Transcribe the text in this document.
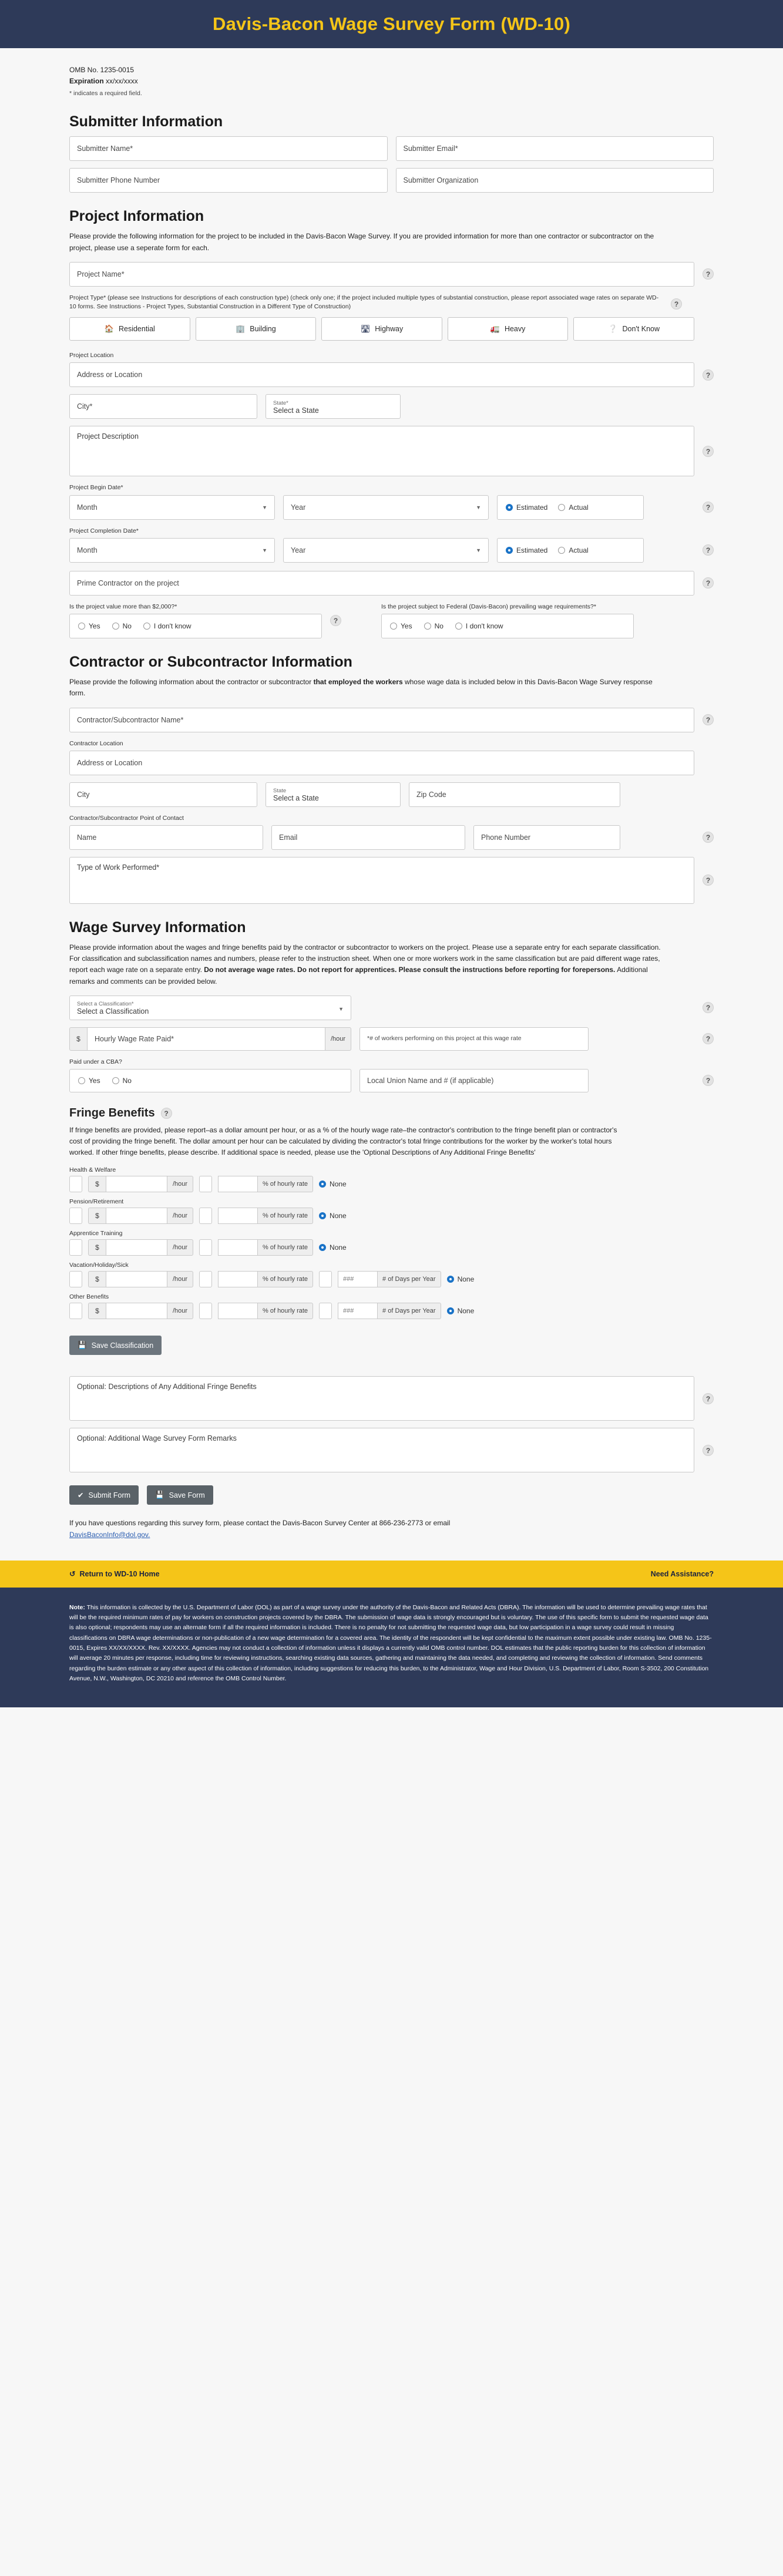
Davis-Bacon Wage Survey Form (WD-10)
OMB No. 1235-0015
Expiration xx/xx/xxxx
* indicates a required field.
Submitter Information
Submitter Name*	Submitter Email*
Submitter Phone Number	Submitter Organization
Project Information

Please provide the following information for the project to be included in the Davis-Bacon Wage Survey. If you are provided information for more than one contractor or subcontractor on the project, please use a seperate form for each.

Project Name*	?
Project Type* (please see Instructions for descriptions of each construction type) (check only one; if the project included multiple types of substantial construction, please report associated wage rates on separate WD-10 forms. See Instructions - Project Types, Substantial Construction in a Different Type of Construction)	?
🏠 Residential	🏢 Building	🛣 Highway	🚛 Heavy	❔ Don't Know
Project Location
Address or Location	?
City*	State*
Select a State
Project Description
?
Project Begin Date*
Month	▼	Year	▼	Estimated	Actual	?
Project Completion Date*
Month	▼	Year	▼	Estimated	Actual	?
Prime Contractor on the project	?
Is the project value more than $2,000?*
Yes	No	I don't know
?
Is the project subject to Federal (Davis-Bacon) prevailing wage requirements?*
Yes	No	I don't know
Contractor or Subcontractor Information

Please provide the following information about the contractor or subcontractor that employed the workers whose wage data is included below in this Davis-Bacon Wage Survey response form.

Contractor/Subcontractor Name*	?
Contractor Location
Address or Location
City	State
Select a State	Zip Code
Contractor/Subcontractor Point of Contact
Name	Email	Phone Number	?
Type of Work Performed*
?
Wage Survey Information

Please provide information about the wages and fringe benefits paid by the contractor or subcontractor to workers on the project. Please use a separate entry for each separate classification. For classification and subclassification names and numbers, please refer to the instruction sheet. When one or more workers work in the same classification but are paid different wage rates, report each wage rate on a separate entry. Do not average wage rates. Do not report for apprentices. Please consult the instructions before reporting for forepersons. Additional remarks and comments can be provided below.

Select a Classification*
Select a Classification	▼	?
$	Hourly Wage Rate Paid*	/hour	*# of workers performing on this project at this wage rate	?
Paid under a CBA?
Yes	No	Local Union Name and # (if applicable)	?
Fringe Benefits	?

If fringe benefits are provided, please report–as a dollar amount per hour, or as a % of the hourly wage rate–the contractor's contribution to the fringe benefit plan or contractor's cost of providing the fringe benefit. The dollar amount per hour can be calculated by dividing the contractor's total fringe contributions for the worker by the worker's total hours worked. If other fringe benefits, please describe. If additional space is needed, please use the 'Optional Descriptions of Any Additional Fringe Benefits'

Health & Welfare
$	/hour	% of hourly rate	None
Pension/Retirement
$	/hour	% of hourly rate	None
Apprentice Training
$	/hour	% of hourly rate	None
Vacation/Holiday/Sick
$	/hour	% of hourly rate	###	# of Days per Year	None
Other Benefits
$	/hour	% of hourly rate	###	# of Days per Year	None
💾 Save Classification
Optional: Descriptions of Any Additional Fringe Benefits
?
Optional: Additional Wage Survey Form Remarks
?
✔ Submit Form	💾 Save Form
If you have questions regarding this survey form, please contact the Davis-Bacon Survey Center at 866-236-2773 or email
DavisBaconInfo@dol.gov.
↺ Return to WD-10 Home	Need Assistance?
Note: This information is collected by the U.S. Department of Labor (DOL) as part of a wage survey under the authority of the Davis-Bacon and Related Acts (DBRA). The information will be used to determine prevailing wage rates that will be the required minimum rates of pay for workers on construction projects covered by the DBRA. The submission of wage data is strongly encouraged but is voluntary. The use of this specific form to submit the requested wage data is also optional; respondents may use an alternate form if all the required information is included. There is no penalty for not submitting the requested wage data, but low participation in a wage survey could result in missing classifications on DBRA wage determinations or non-publication of a new wage determination for a covered area. The identity of the respondent will be kept confidential to the maximum extent possible under existing law. OMB No. 1235-0015, Expires XX/XX/XXXX. Rev. XX/XXXX. Agencies may not conduct a collection of information unless it displays a currently valid OMB control number. DOL estimates that the public reporting burden for this collection of information will average 20 minutes per response, including time for reviewing instructions, searching existing data sources, gathering and maintaining the data needed, and completing and reviewing the collection of information. Send comments regarding the burden estimate or any other aspect of this collection of information, including suggestions for reducing this burden, to the Administrator, Wage and Hour Division, U.S. Department of Labor, Room S-3502, 200 Constitution Avenue, N.W., Washington, DC 20210 and reference the OMB Control Number.
